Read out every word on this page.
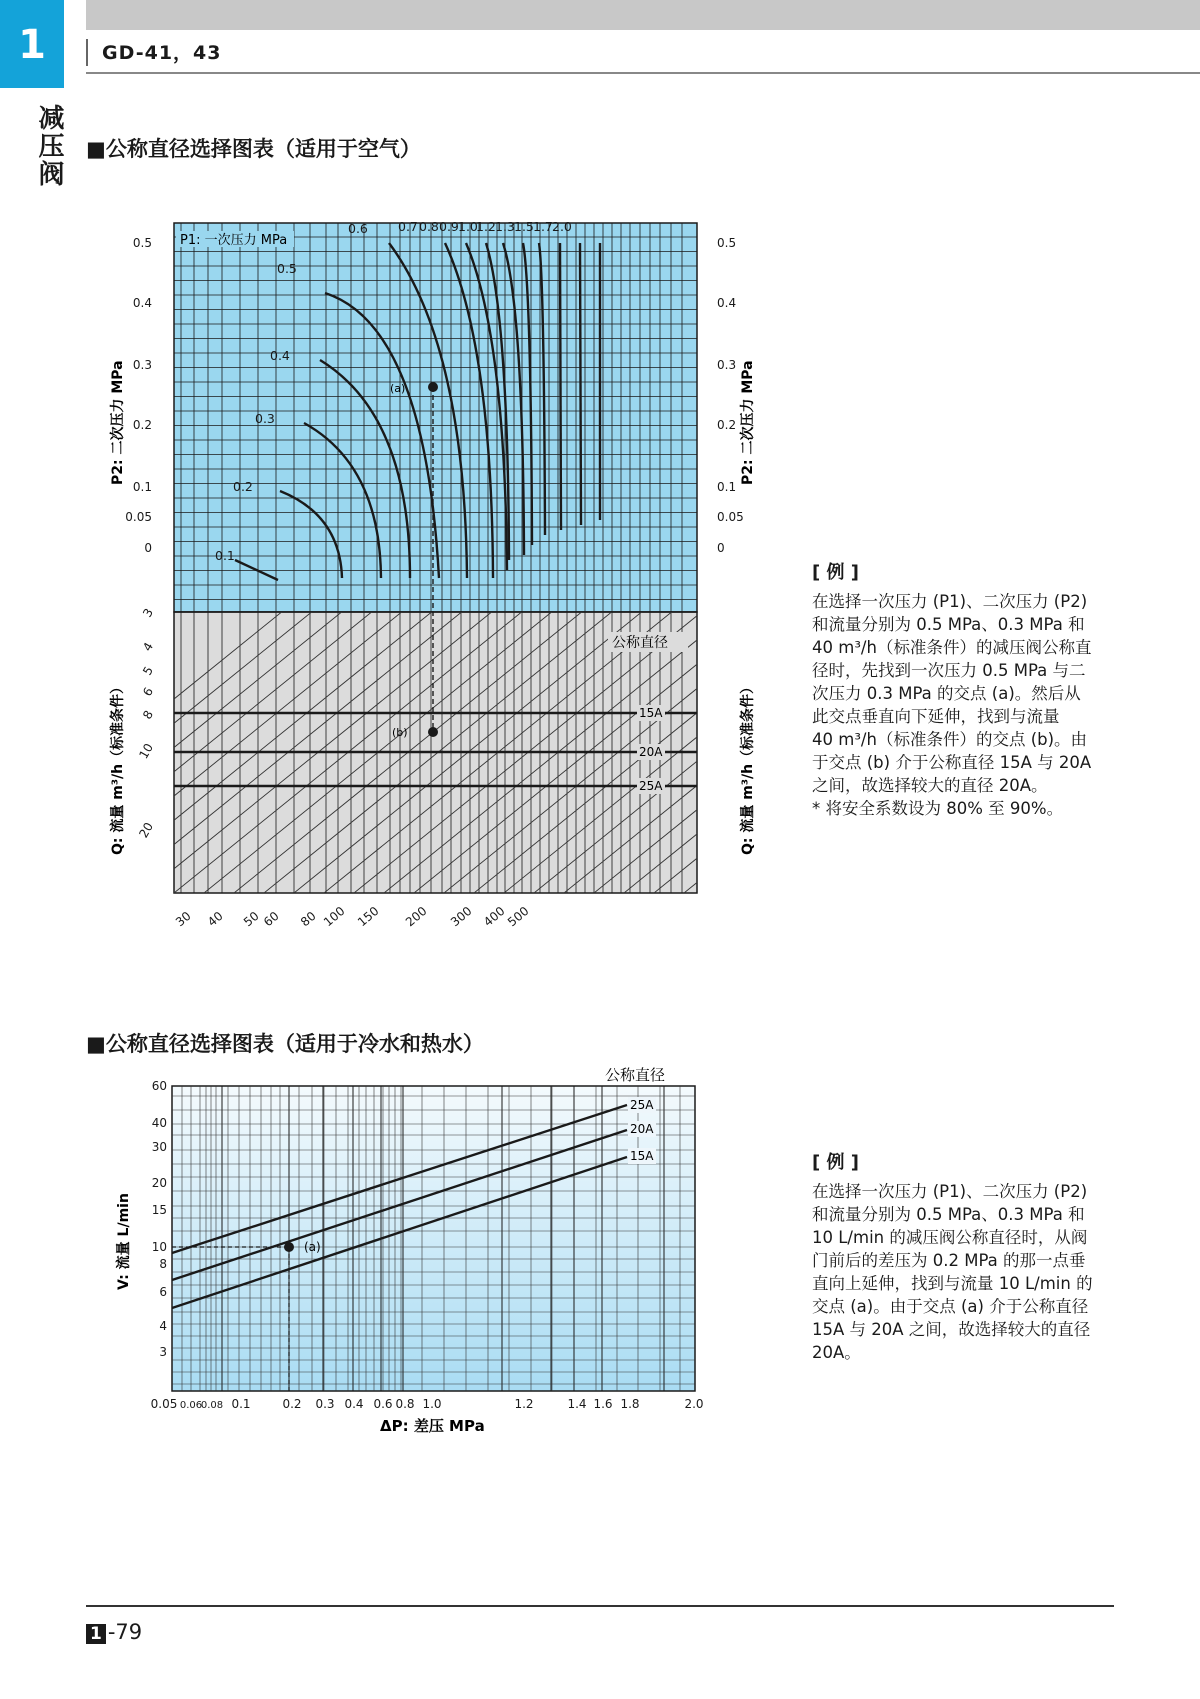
1
减压阀
GD-41，43
■公称直径选择图表（适用于空气）
(a)
(b)
0.5	0.5
0.4	0.4
0.3	0.3
0.2	0.2
0.1	0.1
0.05	0.05
0	0
3
4
5
6
8
10
20
30 40 50 60 80 100 150 200 300 400
500
0.1
0.2
0.3
0.4
0.5
0.6 0.7 0.8 0.9 1.0
1.2 1.3 1.5 1.7 2.0
P1: 一次压力 MPa
公称直径
15A
20A
25A
P2: 二次压力 MPa	P2: 二次压力 MPa
Q: 流量 m³/h（标准条件）	Q: 流量 m³/h（标准条件）
[ 例 ]
在选择一次压力 (P1)、二次压力 (P2)
和流量分别为 0.5 MPa、0.3 MPa 和
40 m³/h（标准条件）的减压阀公称直
径时，先找到一次压力 0.5 MPa 与二
次压力 0.3 MPa 的交点 (a)。然后从
此交点垂直向下延伸，找到与流量
40 m³/h（标准条件）的交点 (b)。由
于交点 (b) 介于公称直径 15A 与 20A
之间，故选择较大的直径 20A。
* 将安全系数设为 80% 至 90%。
■公称直径选择图表（适用于冷水和热水）
(a)
公称直径
25A
20A
15A
60
40
30
20
15
10
8
6
4
3
0.05 0.06
0.08 0.1	0.2 0.3 0.4 0.6 0.8 1.0	1.2	1.4 1.6 1.8	2.0
V: 流量 L/min
ΔP: 差压 MPa
[ 例 ]
在选择一次压力 (P1)、二次压力 (P2)
和流量分别为 0.5 MPa、0.3 MPa 和
10 L/min 的减压阀公称直径时，从阀
门前后的差压为 0.2 MPa 的那一点垂
直向上延伸，找到与流量 10 L/min 的
交点 (a)。由于交点 (a) 介于公称直径
15A 与 20A 之间，故选择较大的直径
20A。
1 -79
